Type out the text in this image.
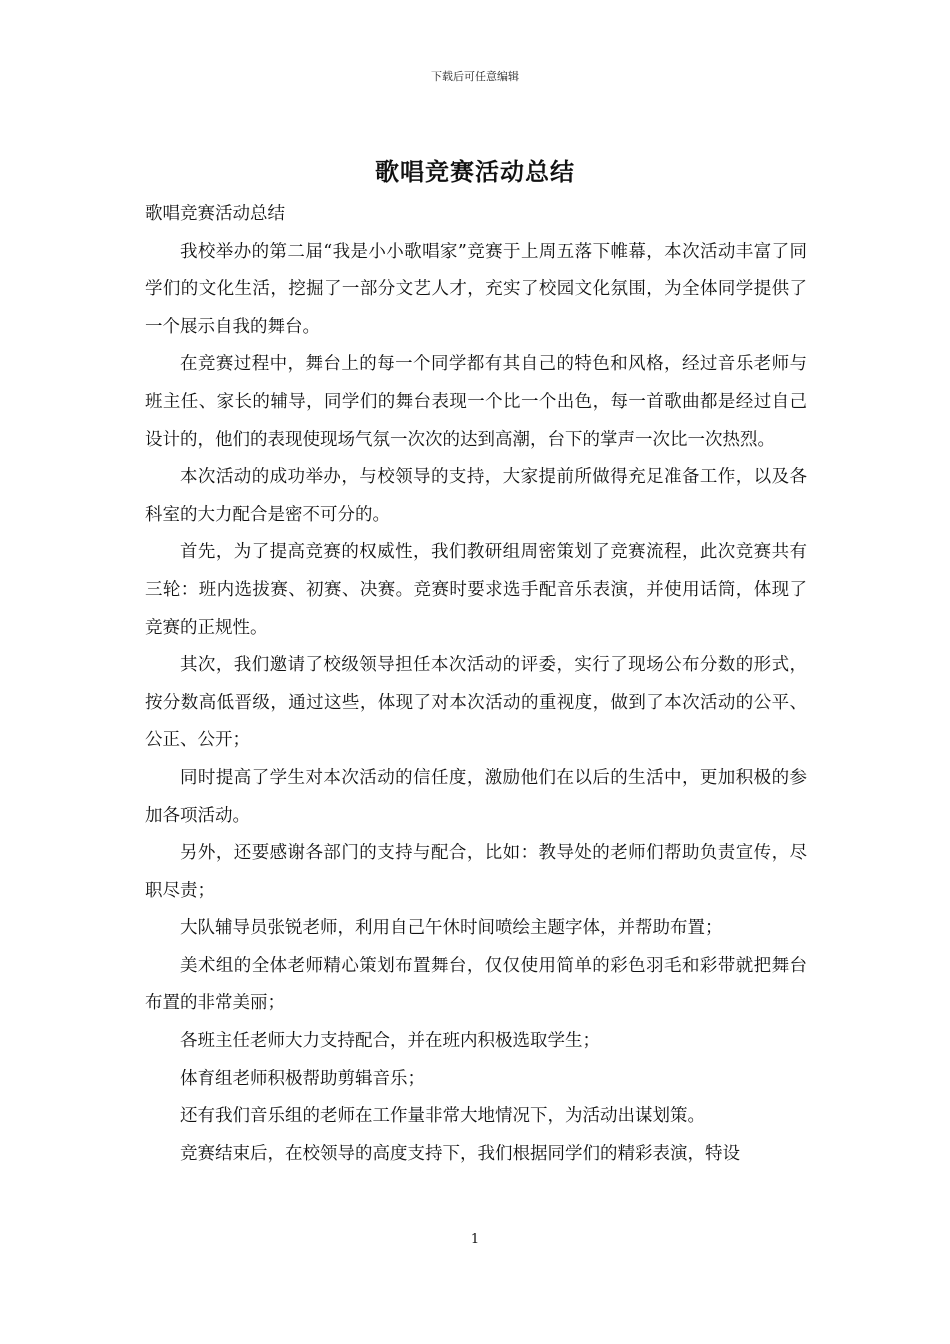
下载后可任意编辑
歌唱竞赛活动总结

歌唱竞赛活动总结

我校举办的第二届“我是小小歌唱家”竞赛于上周五落下帷幕，本次活动丰富了同学们的文化生活，挖掘了一部分文艺人才，充实了校园文化氛围，为全体同学提供了一个展示自我的舞台。

在竞赛过程中，舞台上的每一个同学都有其自己的特色和风格，经过音乐老师与班主任、家长的辅导，同学们的舞台表现一个比一个出色，每一首歌曲都是经过自己设计的，他们的表现使现场气氛一次次的达到高潮，台下的掌声一次比一次热烈。

本次活动的成功举办，与校领导的支持，大家提前所做得充足准备工作，以及各科室的大力配合是密不可分的。

首先，为了提高竞赛的权威性，我们教研组周密策划了竞赛流程，此次竞赛共有三轮：班内选拔赛、初赛、决赛。竞赛时要求选手配音乐表演，并使用话筒，体现了竞赛的正规性。

其次，我们邀请了校级领导担任本次活动的评委，实行了现场公布分数的形式，按分数高低晋级，通过这些，体现了对本次活动的重视度，做到了本次活动的公平、公正、公开；

同时提高了学生对本次活动的信任度，激励他们在以后的生活中，更加积极的参加各项活动。

另外，还要感谢各部门的支持与配合，比如：教导处的老师们帮助负责宣传，尽职尽责；

大队辅导员张锐老师，利用自己午休时间喷绘主题字体，并帮助布置；

美术组的全体老师精心策划布置舞台，仅仅使用简单的彩色羽毛和彩带就把舞台布置的非常美丽；

各班主任老师大力支持配合，并在班内积极选取学生；

体育组老师积极帮助剪辑音乐；

还有我们音乐组的老师在工作量非常大地情况下，为活动出谋划策。

竞赛结束后，在校领导的高度支持下，我们根据同学们的精彩表演，特设

1
